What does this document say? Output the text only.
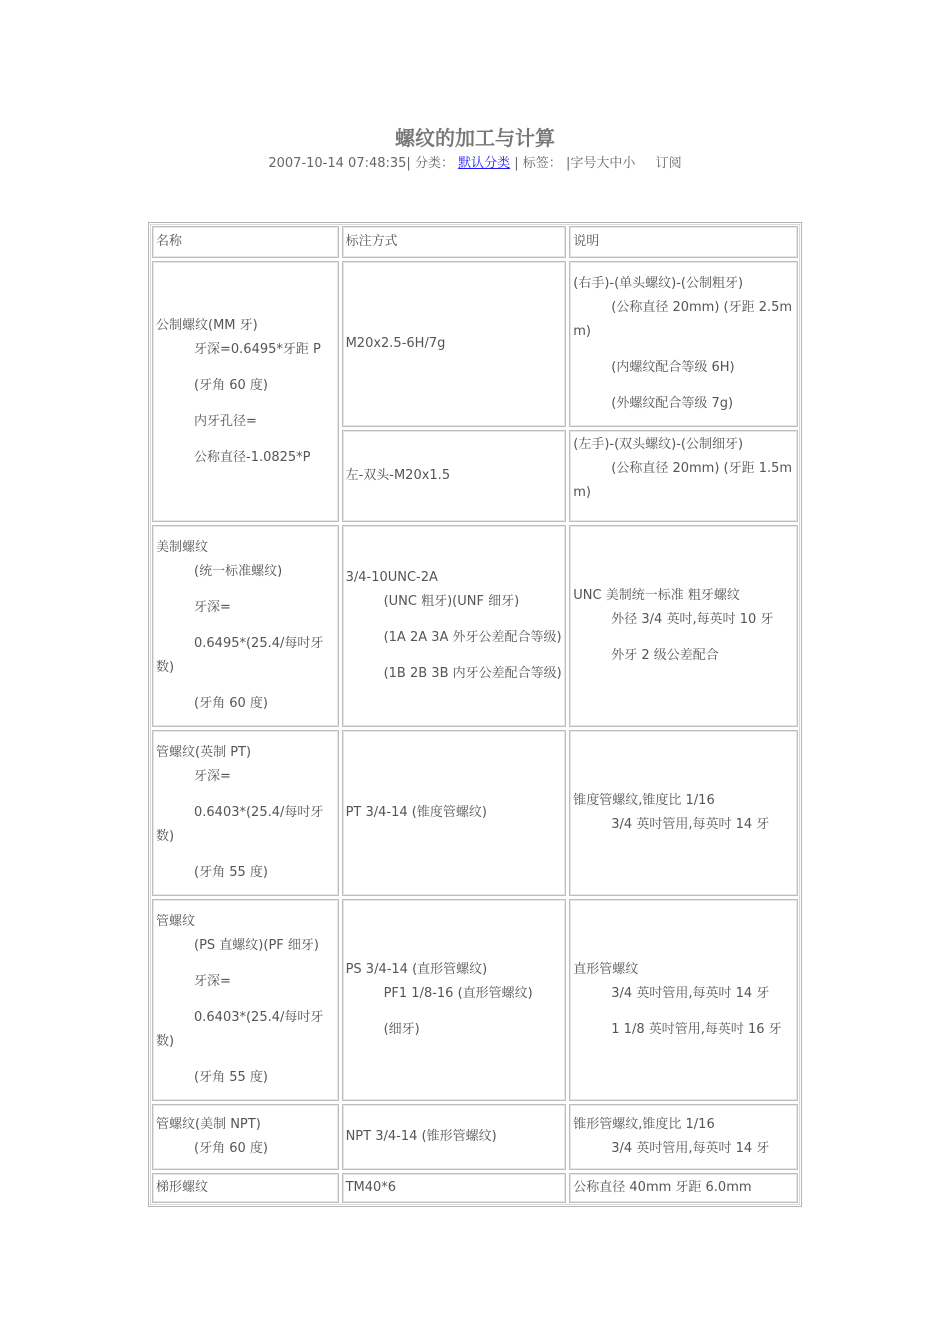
螺纹的加工与计算
2007-10-14 07:48:35| 分类： 默认分类 | 标签： |字号大中小 订阅
名称	标注方式	说明

公制螺纹(MM 牙)
牙深=0.6495*牙距 P
(牙角 60 度)
内牙孔径=
公称直径-1.0825*P	M20x2.5-6H/7g	(右手)-(单头螺纹)-(公制粗牙)
(公称直径 20mm) (牙距 2.5mm)
(内螺纹配合等级 6H)
(外螺纹配合等级 7g)

	左-双头-M20x1.5	(左手)-(双头螺纹)-(公制细牙)
(公称直径 20mm) (牙距 1.5mm)

美制螺纹
(统一标准螺纹)
牙深=
0.6495*(25.4/每吋牙数)
(牙角 60 度)	3/4-10UNC-2A
(UNC 粗牙)(UNF 细牙)
(1A 2A 3A 外牙公差配合等级)
(1B 2B 3B 内牙公差配合等级)	UNC 美制统一标准 粗牙螺纹
外径 3/4 英吋,每英吋 10 牙
外牙 2 级公差配合

管螺纹(英制 PT)
牙深=
0.6403*(25.4/每吋牙数)
(牙角 55 度)	PT 3/4-14 (锥度管螺纹)	锥度管螺纹,锥度比 1/16
3/4 英吋管用,每英吋 14 牙

管螺纹
(PS 直螺纹)(PF 细牙)
牙深=
0.6403*(25.4/每吋牙数)
(牙角 55 度)	PS 3/4-14 (直形管螺纹)
PF1 1/8-16 (直形管螺纹)
(细牙)	直形管螺纹
3/4 英吋管用,每英吋 14 牙
1 1/8 英吋管用,每英吋 16 牙

管螺纹(美制 NPT)
(牙角 60 度)	NPT 3/4-14 (锥形管螺纹)	锥形管螺纹,锥度比 1/16
3/4 英吋管用,每英吋 14 牙

梯形螺纹	TM40*6	公称直径 40mm 牙距 6.0mm
